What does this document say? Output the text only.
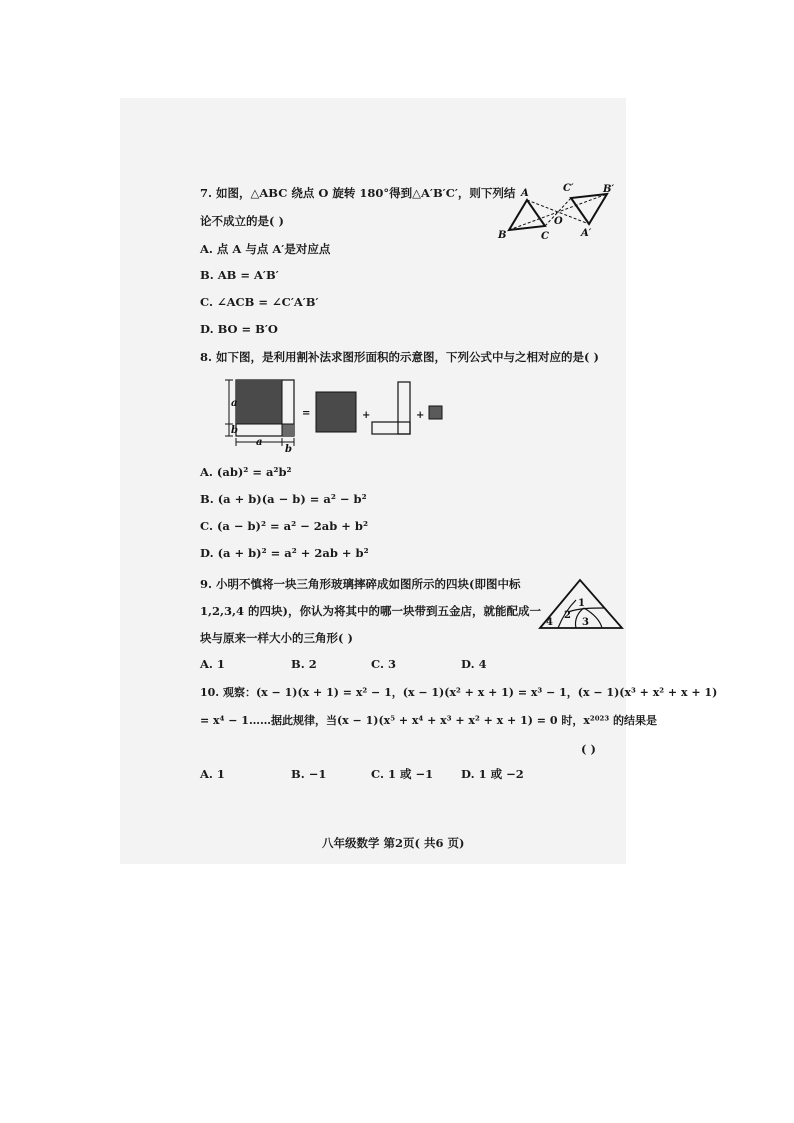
7. 如图，△ABC 绕点 O 旋转 180°得到△A′B′C′，则下列结
论不成立的是( )
A. 点 A 与点 A′是对应点
B. AB = A′B′
C. ∠ACB = ∠C′A′B′
D. BO = B′O
A
B	C
O
A′
B′
C′
8. 如下图，是利用割补法求图形面积的示意图，下列公式中与之相对应的是( )
a
b
a
b
=	+	+
A. (ab)² = a²b²
B. (a + b)(a − b) = a² − b²
C. (a − b)² = a² − 2ab + b²
D. (a + b)² = a² + 2ab + b²
9. 小明不慎将一块三角形玻璃摔碎成如图所示的四块(即图中标
1,2,3,4 的四块)，你认为将其中的哪一块带到五金店，就能配成一
块与原来一样大小的三角形( )
1
2
3
4
A. 1	B. 2	C. 3	D. 4
10. 观察：(x − 1)(x + 1) = x² − 1，(x − 1)(x² + x + 1) = x³ − 1，(x − 1)(x³ + x² + x + 1)
= x⁴ − 1……据此规律，当(x − 1)(x⁵ + x⁴ + x³ + x² + x + 1) = 0 时，x²⁰²³ 的结果是
( )
A. 1	B. −1	C. 1 或 −1 D. 1 或 −2
八年级数学 第2页( 共6 页)
